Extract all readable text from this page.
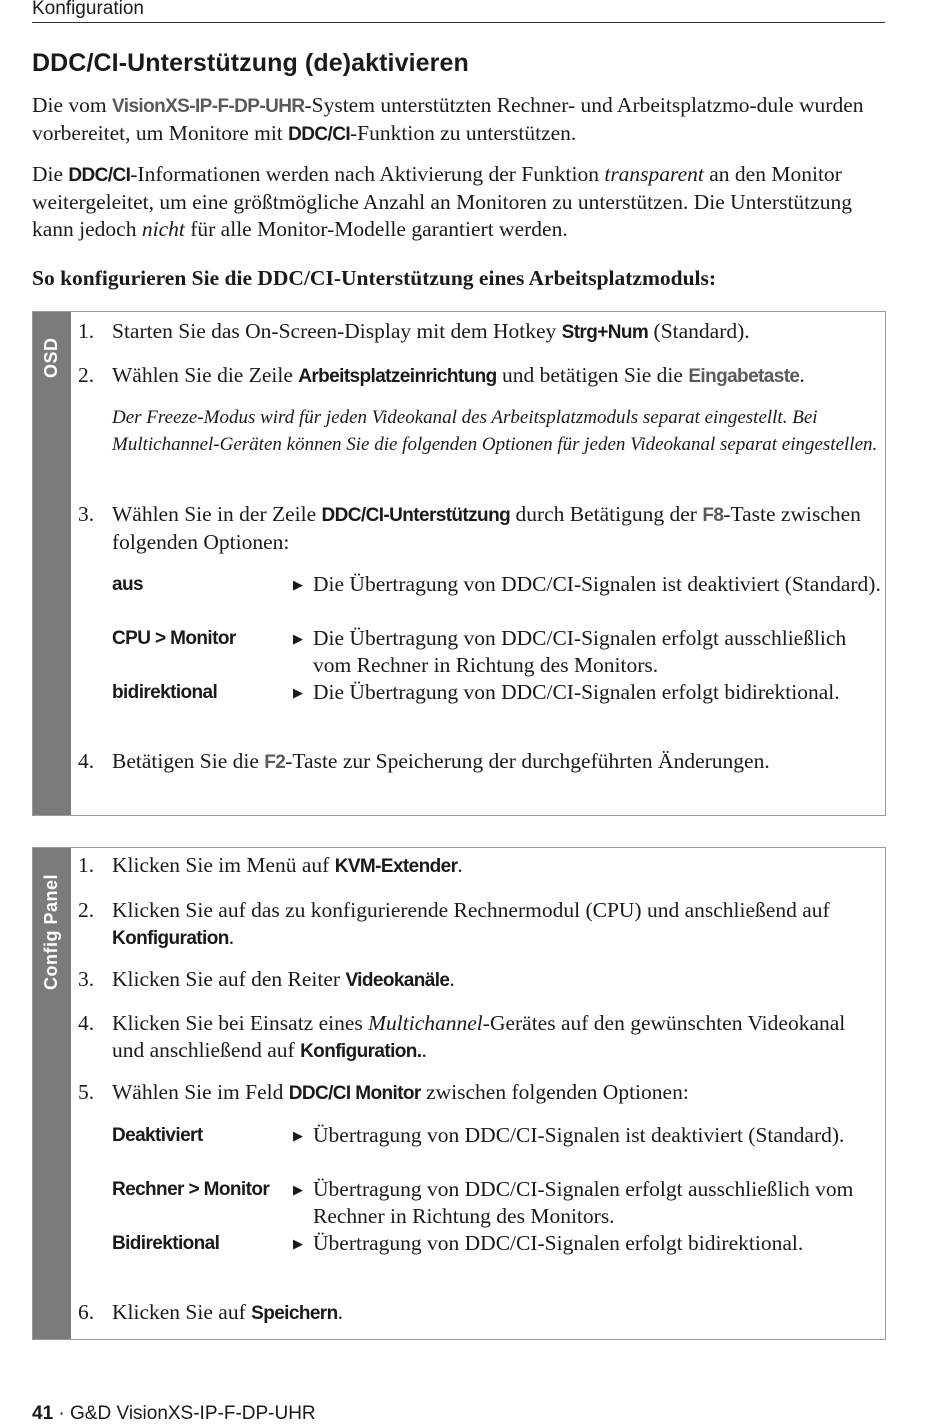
Konfiguration
DDC/CI-Unterstützung (de)aktivieren
Die vom VisionXS-IP-F-DP-UHR-System unterstützten Rechner- und Arbeitsplatzmo-dule wurden vorbereitet, um Monitore mit DDC/CI-Funktion zu unterstützen.
Die DDC/CI-Informationen werden nach Aktivierung der Funktion transparent an den Monitor weitergeleitet, um eine größtmögliche Anzahl an Monitoren zu unterstützen. Die Unterstützung kann jedoch nicht für alle Monitor-Modelle garantiert werden.
So konfigurieren Sie die DDC/CI-Unterstützung eines Arbeitsplatzmoduls:
OSD
1. Starten Sie das On-Screen-Display mit dem Hotkey Strg+Num (Standard).
2. Wählen Sie die Zeile Arbeitsplatzeinrichtung und betätigen Sie die Eingabetaste.
Der Freeze-Modus wird für jeden Videokanal des Arbeitsplatzmoduls separat eingestellt. Bei Multichannel-Geräten können Sie die folgenden Optionen für jeden Videokanal separat eingestellen.
3. Wählen Sie in der Zeile DDC/CI-Unterstützung durch Betätigung der F8-Taste zwischen folgenden Optionen:
aus	▶ Die Übertragung von DDC/CI-Signalen ist deaktiviert (Standard).
CPU > Monitor	▶ Die Übertragung von DDC/CI-Signalen erfolgt ausschließlich vom Rechner in Richtung des Monitors.
bidirektional	▶ Die Übertragung von DDC/CI-Signalen erfolgt bidirektional.
4. Betätigen Sie die F2-Taste zur Speicherung der durchgeführten Änderungen.
Config Panel
1. Klicken Sie im Menü auf KVM-Extender.
2. Klicken Sie auf das zu konfigurierende Rechnermodul (CPU) und anschließend auf Konfiguration.
3. Klicken Sie auf den Reiter Videokanäle.
4. Klicken Sie bei Einsatz eines Multichannel-Gerätes auf den gewünschten Videokanal und anschließend auf Konfiguration..
5. Wählen Sie im Feld DDC/CI Monitor zwischen folgenden Optionen:
Deaktiviert	▶ Übertragung von DDC/CI-Signalen ist deaktiviert (Standard).
Rechner > Monitor ▶ Übertragung von DDC/CI-Signalen erfolgt ausschließlich vom Rechner in Richtung des Monitors.
Bidirektional	▶ Übertragung von DDC/CI-Signalen erfolgt bidirektional.
6. Klicken Sie auf Speichern.
41 · G&D VisionXS-IP-F-DP-UHR
